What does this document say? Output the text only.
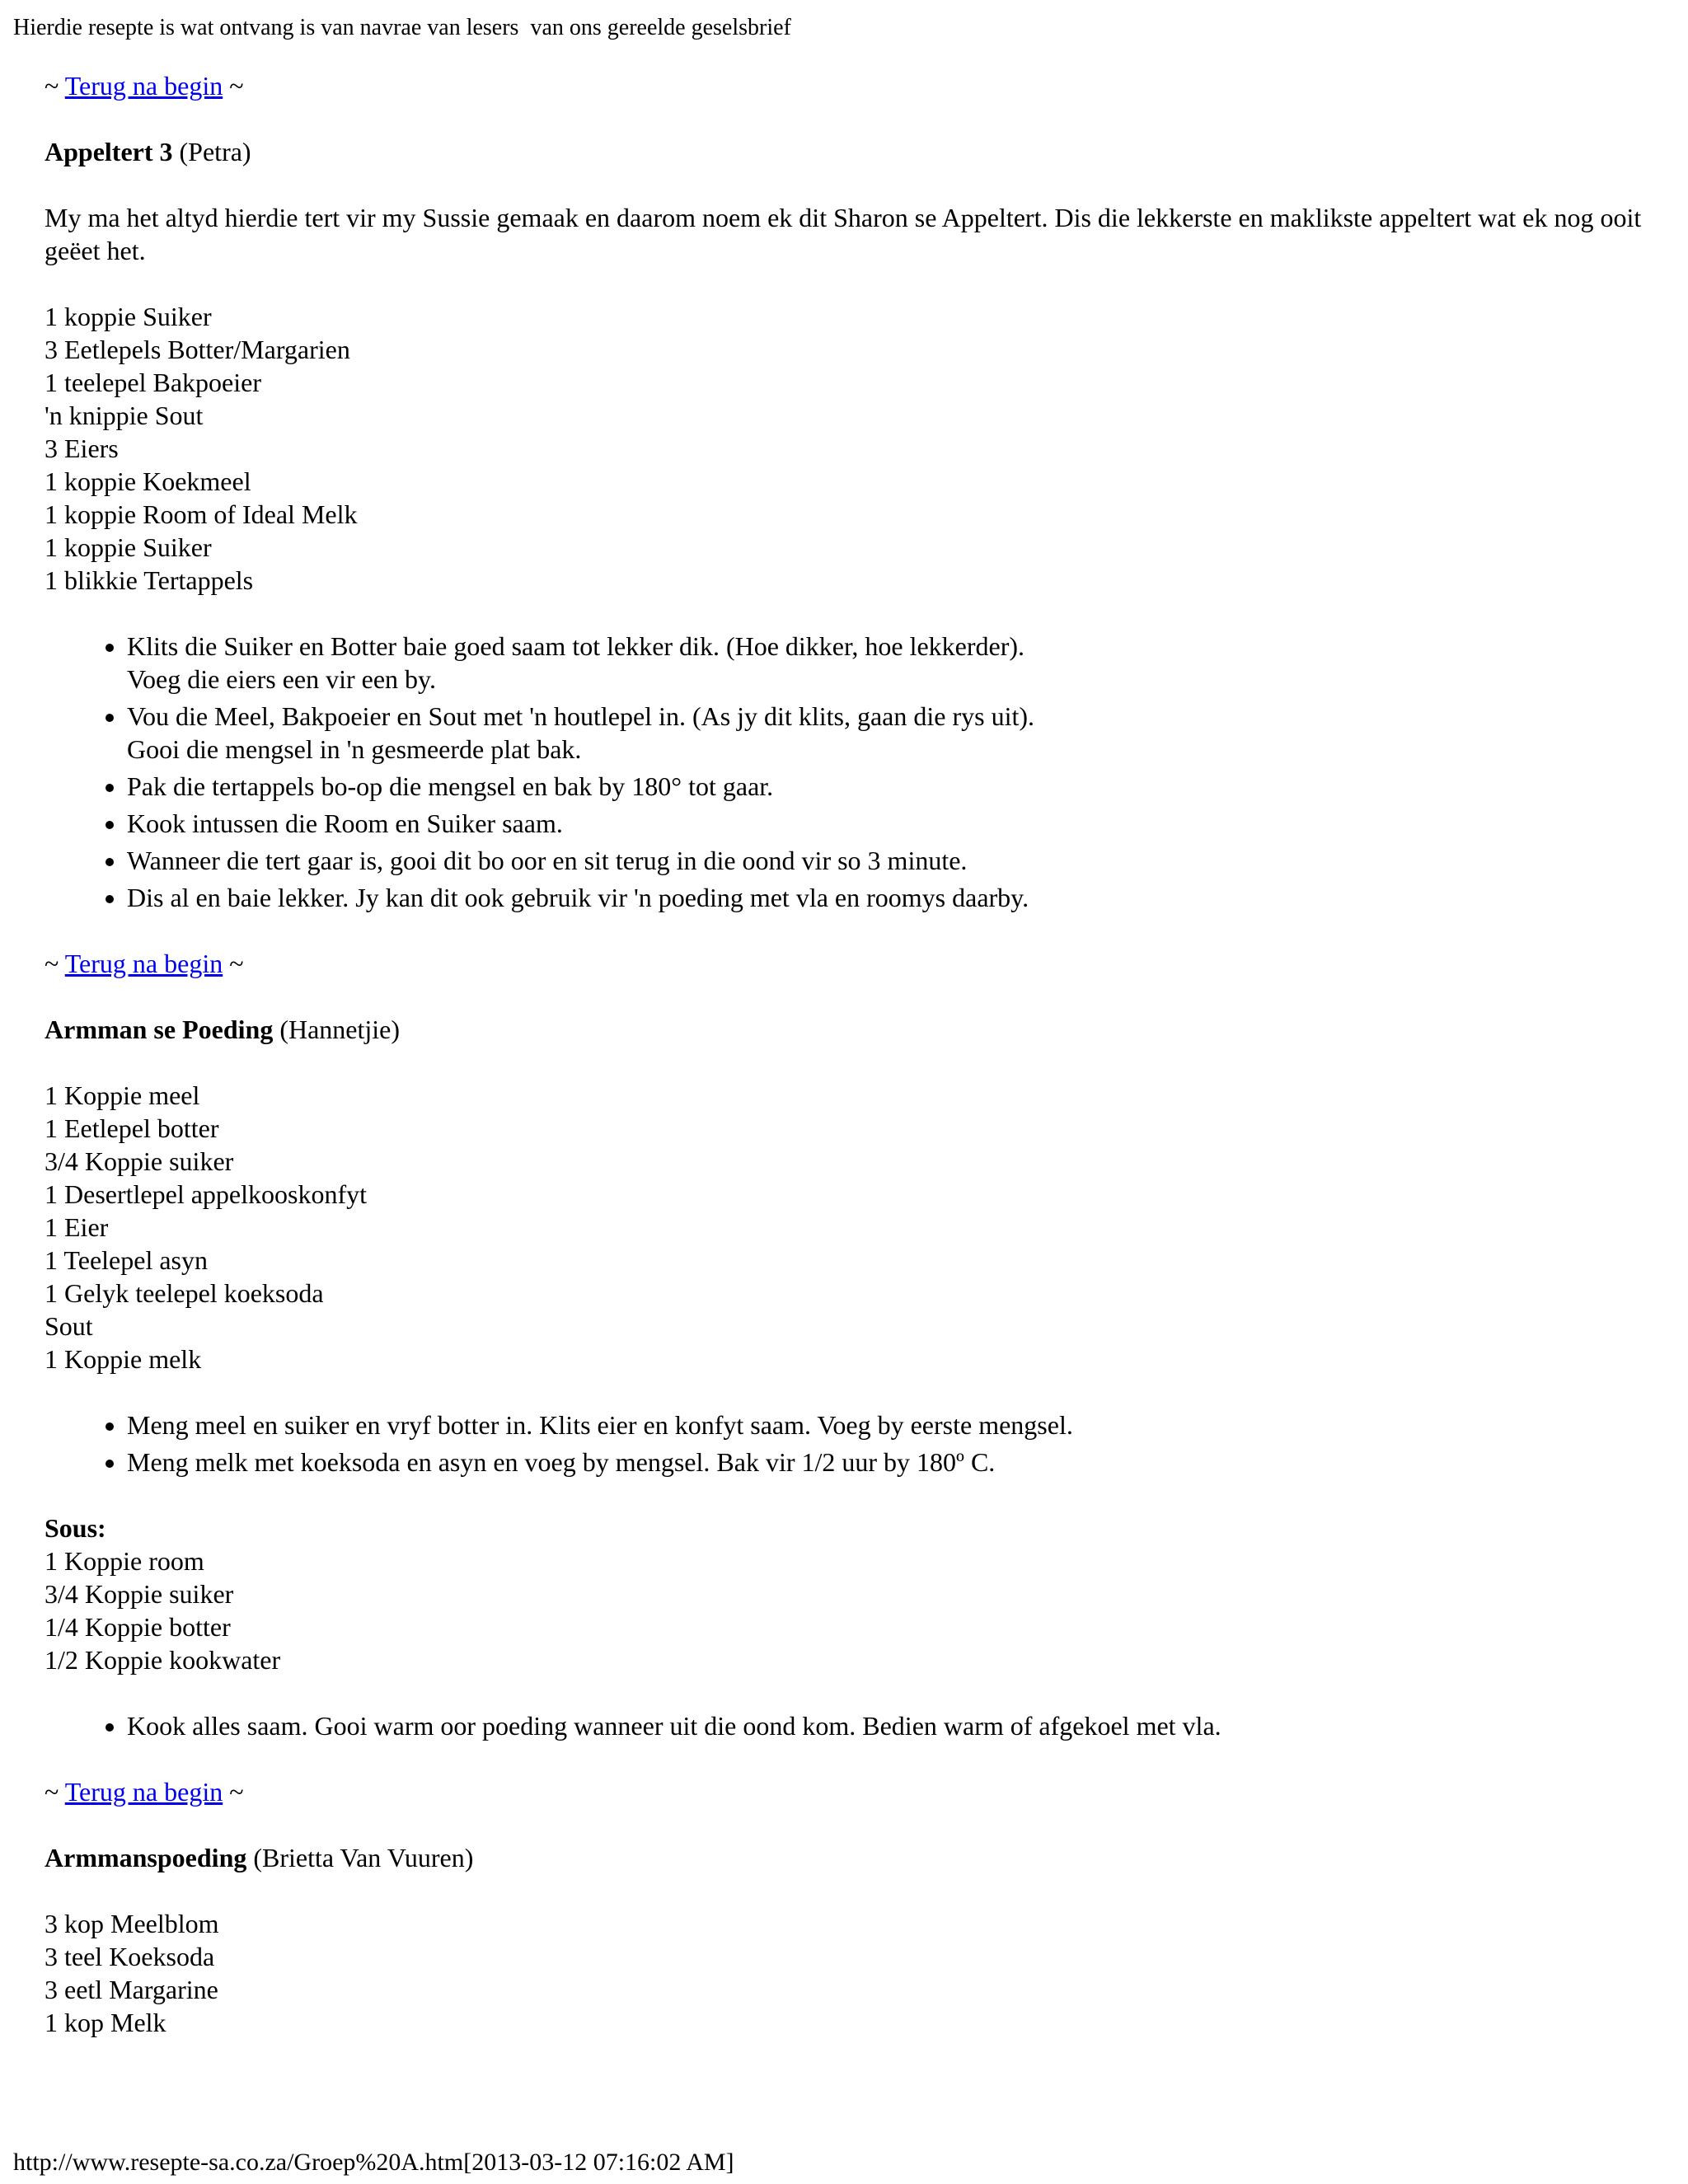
Hierdie resepte is wat ontvang is van navrae van lesers  van ons gereelde geselsbrief

~ Terug na begin ~

Appeltert 3 (Petra)

My ma het altyd hierdie tert vir my Sussie gemaak en daarom noem ek dit Sharon se Appeltert. Dis die lekkerste en maklikste appeltert wat ek nog ooit geëet het.

1 koppie Suiker
3 Eetlepels Botter/Margarien
1 teelepel Bakpoeier
'n knippie Sout
3 Eiers
1 koppie Koekmeel
1 koppie Room of Ideal Melk
1 koppie Suiker
1 blikkie Tertappels
• Klits die Suiker en Botter baie goed saam tot lekker dik. (Hoe dikker, hoe lekkerder).
Voeg die eiers een vir een by.
• Vou die Meel, Bakpoeier en Sout met 'n houtlepel in. (As jy dit klits, gaan die rys uit).
Gooi die mengsel in 'n gesmeerde plat bak.
• Pak die tertappels bo-op die mengsel en bak by 180° tot gaar.
• Kook intussen die Room en Suiker saam.
• Wanneer die tert gaar is, gooi dit bo oor en sit terug in die oond vir so 3 minute.
• Dis al en baie lekker. Jy kan dit ook gebruik vir 'n poeding met vla en roomys daarby.

~ Terug na begin ~

Armman se Poeding (Hannetjie)

1 Koppie meel
1 Eetlepel botter
3/4 Koppie suiker
1 Desertlepel appelkooskonfyt
1 Eier
1 Teelepel asyn
1 Gelyk teelepel koeksoda
Sout
1 Koppie melk
• Meng meel en suiker en vryf botter in. Klits eier en konfyt saam. Voeg by eerste mengsel.
• Meng melk met koeksoda en asyn en voeg by mengsel. Bak vir 1/2 uur by 180º C.
Sous:
1 Koppie room
3/4 Koppie suiker
1/4 Koppie botter
1/2 Koppie kookwater
• Kook alles saam. Gooi warm oor poeding wanneer uit die oond kom. Bedien warm of afgekoel met vla.

~ Terug na begin ~

Armmanspoeding (Brietta Van Vuuren)

3 kop Meelblom
3 teel Koeksoda
3 eetl Margarine
1 kop Melk
http://www.resepte-sa.co.za/Groep%20A.htm[2013-03-12 07:16:02 AM]
